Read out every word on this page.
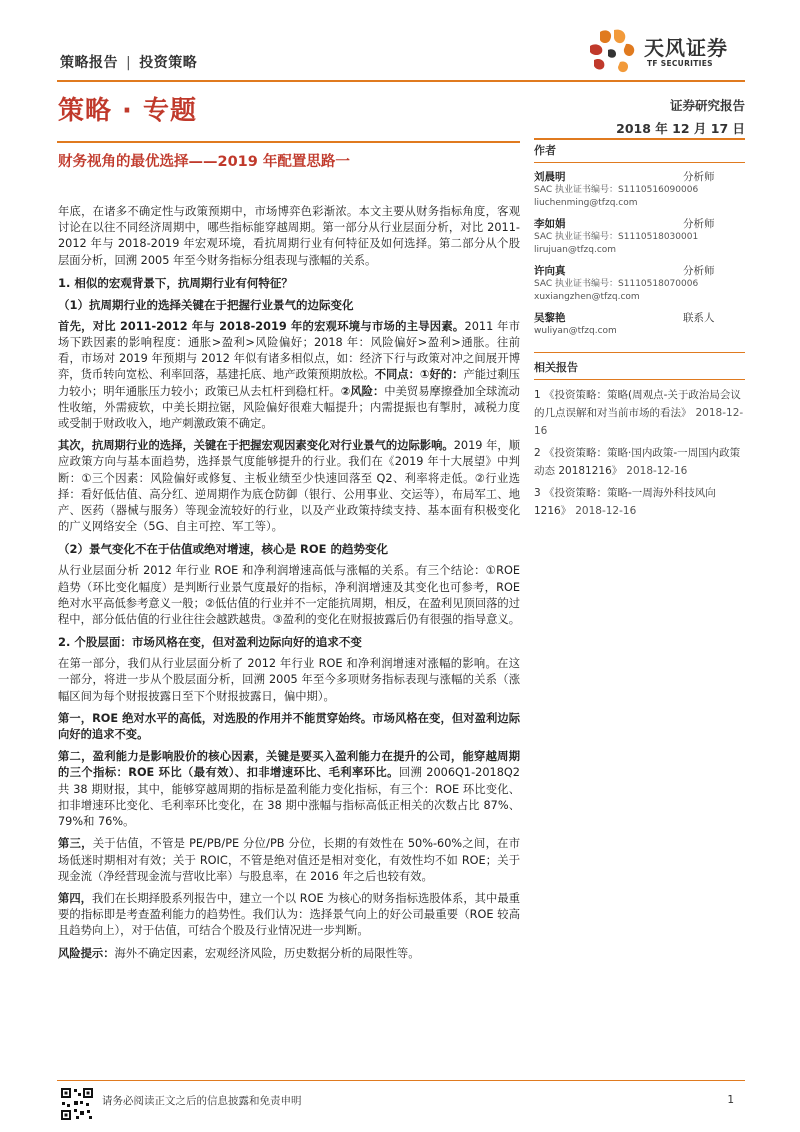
策略报告 | 投资策略
天风证券
TF SECURITIES
策略 · 专题	证券研究报告
2018 年 12 月 17 日
财务视角的最优选择——2019 年配置思路一

年底，在诸多不确定性与政策预期中，市场博弈色彩渐浓。本文主要从财务指标角度，客观讨论在以往不同经济周期中，哪些指标能穿越周期。第一部分从行业层面分析，对比 2011-2012 年与 2018-2019 年宏观环境，看抗周期行业有何特征及如何选择。第二部分从个股层面分析，回溯 2005 年至今财务指标分组表现与涨幅的关系。

1. 相似的宏观背景下，抗周期行业有何特征？
（1）抗周期行业的选择关键在于把握行业景气的边际变化

首先，对比 2011-2012 年与 2018-2019 年的宏观环境与市场的主导因素。2011 年市场下跌因素的影响程度：通胀>盈利>风险偏好；2018 年：风险偏好>盈利>通胀。往前看，市场对 2019 年预期与 2012 年似有诸多相似点，如：经济下行与政策对冲之间展开博弈，货币转向宽松、利率回落，基建托底、地产政策预期放松。不同点：①好的：产能过剩压力较小；明年通胀压力较小；政策已从去杠杆到稳杠杆。②风险：中美贸易摩擦叠加全球流动性收缩，外需疲软，中美长期拉锯，风险偏好很难大幅提升；内需提振也有掣肘，减税力度或受制于财政收入，地产刺激政策不确定。

其次，抗周期行业的选择，关键在于把握宏观因素变化对行业景气的边际影响。2019 年，顺应政策方向与基本面趋势，选择景气度能够提升的行业。我们在《2019 年十大展望》中判断：①三个因素：风险偏好或修复、主板业绩至少快速回落至 Q2、利率将走低。②行业选择：看好低估值、高分红、逆周期作为底仓防御（银行、公用事业、交运等），布局军工、地产、医药（器械与服务）等现金流较好的行业，以及产业政策持续支持、基本面有积极变化的广义网络安全（5G、自主可控、军工等）。

（2）景气变化不在于估值或绝对增速，核心是 ROE 的趋势变化

从行业层面分析 2012 年行业 ROE 和净利润增速高低与涨幅的关系。有三个结论：①ROE 趋势（环比变化幅度）是判断行业景气度最好的指标，净利润增速及其变化也可参考，ROE 绝对水平高低参考意义一般；②低估值的行业并不一定能抗周期，相反，在盈利见顶回落的过程中，部分低估值的行业往往会越跌越贵。③盈利的变化在财报披露后仍有很强的指导意义。

2. 个股层面：市场风格在变，但对盈利边际向好的追求不变

在第一部分，我们从行业层面分析了 2012 年行业 ROE 和净利润增速对涨幅的影响。在这一部分，将进一步从个股层面分析，回溯 2005 年至今多项财务指标表现与涨幅的关系（涨幅区间为每个财报披露日至下个财报披露日，偏中期）。

第一，ROE 绝对水平的高低，对选股的作用并不能贯穿始终。市场风格在变，但对盈利边际向好的追求不变。

第二，盈利能力是影响股价的核心因素，关键是要买入盈利能力在提升的公司，能穿越周期的三个指标：ROE 环比（最有效）、扣非增速环比、毛利率环比。回溯 2006Q1-2018Q2 共 38 期财报，其中，能够穿越周期的指标是盈利能力变化指标，有三个：ROE 环比变化、扣非增速环比变化、毛利率环比变化，在 38 期中涨幅与指标高低正相关的次数占比 87%、79%和 76%。

第三，关于估值，不管是 PE/PB/PE 分位/PB 分位，长期的有效性在 50%-60%之间，在市场低迷时期相对有效；关于 ROIC，不管是绝对值还是相对变化，有效性均不如 ROE；关于现金流（净经营现金流与营收比率）与股息率，在 2016 年之后也较有效。

第四，我们在长期择股系列报告中，建立一个以 ROE 为核心的财务指标选股体系，其中最重要的指标即是考查盈利能力的趋势性。我们认为：选择景气向上的好公司最重要（ROE 较高且趋势向上），对于估值，可结合个股及行业情况进一步判断。

风险提示：海外不确定因素，宏观经济风险，历史数据分析的局限性等。

作者
刘晨明	分析师
SAC 执业证书编号：S1110516090006
liuchenming@tfzq.com
李如娟	分析师
SAC 执业证书编号：S1110518030001
lirujuan@tfzq.com
许向真	分析师
SAC 执业证书编号：S1110518070006
xuxiangzhen@tfzq.com
吴黎艳	联系人
wuliyan@tfzq.com
相关报告
1 《投资策略：策略(周观点-关于政治局会议的几点误解和对当前市场的看法》 2018-12-16
2 《投资策略：策略·国内政策-一周国内政策动态 20181216》 2018-12-16
3 《投资策略：策略-一周海外科技风向 1216》 2018-12-16
请务必阅读正文之后的信息披露和免责申明	1
